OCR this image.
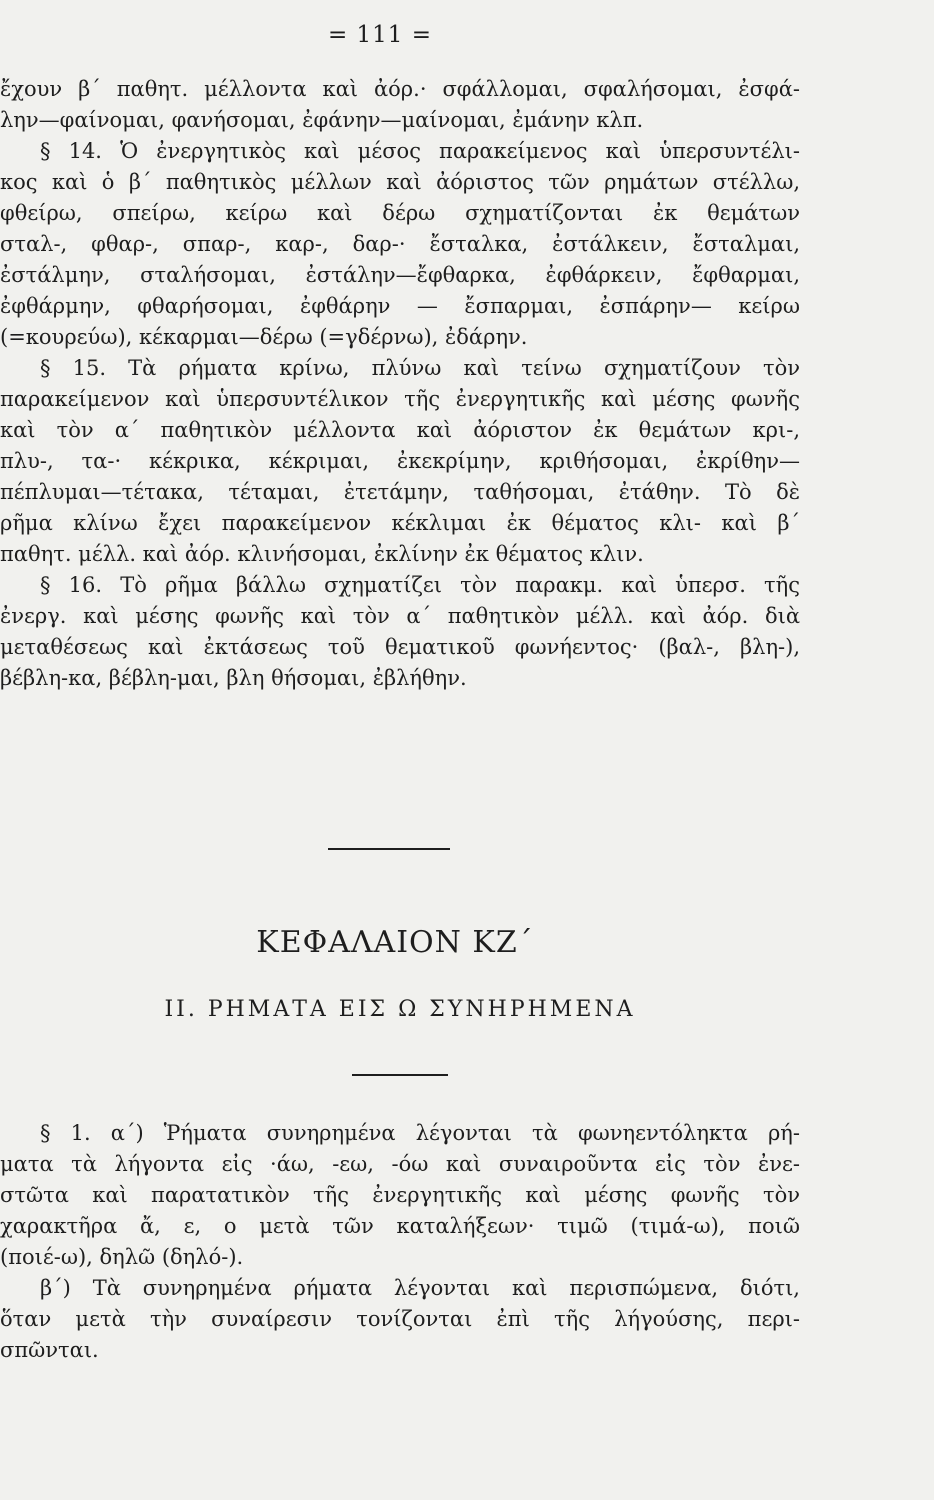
= 111 =
ἔχουν β΄ παθητ. μέλλοντα καὶ ἀόρ.· σφάλλομαι, σφαλήσομαι, ἐσφά-
λην—φαίνομαι, φανήσομαι, ἐφάνην—μαίνομαι, ἐμάνην κλπ.
§ 14. Ὁ ἐνεργητικὸς καὶ μέσος παρακείμενος καὶ ὑπερσυντέλι-
κος καὶ ὁ β΄ παθητικὸς μέλλων καὶ ἀόριστος τῶν ρημάτων στέλλω,
φθείρω, σπείρω, κείρω καὶ δέρω σχηματίζονται ἐκ θεμάτων
σταλ-, φθαρ-, σπαρ-, καρ-, δαρ-· ἔσταλκα, ἐστάλκειν, ἔσταλμαι,
ἐστάλμην, σταλήσομαι, ἐστάλην—ἔφθαρκα, ἐφθάρκειν, ἔφθαρμαι,
ἐφθάρμην, φθαρήσομαι, ἐφθάρην — ἔσπαρμαι, ἐσπάρην— κείρω
(=κουρεύω), κέκαρμαι—δέρω (=γδέρνω), ἐδάρην.
§ 15. Τὰ ρήματα κρίνω, πλύνω καὶ τείνω σχηματίζουν τὸν
παρακείμενον καὶ ὑπερσυντέλικον τῆς ἐνεργητικῆς καὶ μέσης φωνῆς
καὶ τὸν α΄ παθητικὸν μέλλοντα καὶ ἀόριστον ἐκ θεμάτων κρι-,
πλυ-, τα-· κέκρικα, κέκριμαι, ἐκεκρίμην, κριθήσομαι, ἐκρίθην—
πέπλυμαι—τέτακα, τέταμαι, ἐτετάμην, ταθήσομαι, ἐτάθην. Τὸ δὲ
ρῆμα κλίνω ἔχει παρακείμενον κέκλιμαι ἐκ θέματος κλι- καὶ β΄
παθητ. μέλλ. καὶ ἀόρ. κλινήσομαι, ἐκλίνην ἐκ θέματος κλιν.
§ 16. Τὸ ρῆμα βάλλω σχηματίζει τὸν παρακμ. καὶ ὑπερσ. τῆς
ἐνεργ. καὶ μέσης φωνῆς καὶ τὸν α΄ παθητικὸν μέλλ. καὶ ἀόρ. διὰ
μεταθέσεως καὶ ἐκτάσεως τοῦ θεματικοῦ φωνήεντος· (βαλ-, βλη-),
βέβλη-κα, βέβλη-μαι, βλη θήσομαι, ἐβλήθην.
ΚΕΦΑΛΑΙΟΝ ΚΖ΄
ΙΙ. ΡΗΜΑΤΑ ΕΙΣ Ω ΣΥΝΗΡΗΜΕΝΑ
§ 1. α΄) Ῥήματα συνηρημένα λέγονται τὰ φωνηεντόληκτα ρή-
ματα τὰ λήγοντα εἰς ·άω, -εω, -όω καὶ συναιροῦντα εἰς τὸν ἐνε-
στῶτα καὶ παρατατικὸν τῆς ἐνεργητικῆς καὶ μέσης φωνῆς τὸν
χαρακτῆρα ἄ, ε, ο μετὰ τῶν καταλήξεων· τιμῶ (τιμά-ω), ποιῶ
(ποιέ-ω), δηλῶ (δηλό-).
β΄) Τὰ συνηρημένα ρήματα λέγονται καὶ περισπώμενα, διότι,
ὅταν μετὰ τὴν συναίρεσιν τονίζονται ἐπὶ τῆς λήγούσης, περι-
σπῶνται.
